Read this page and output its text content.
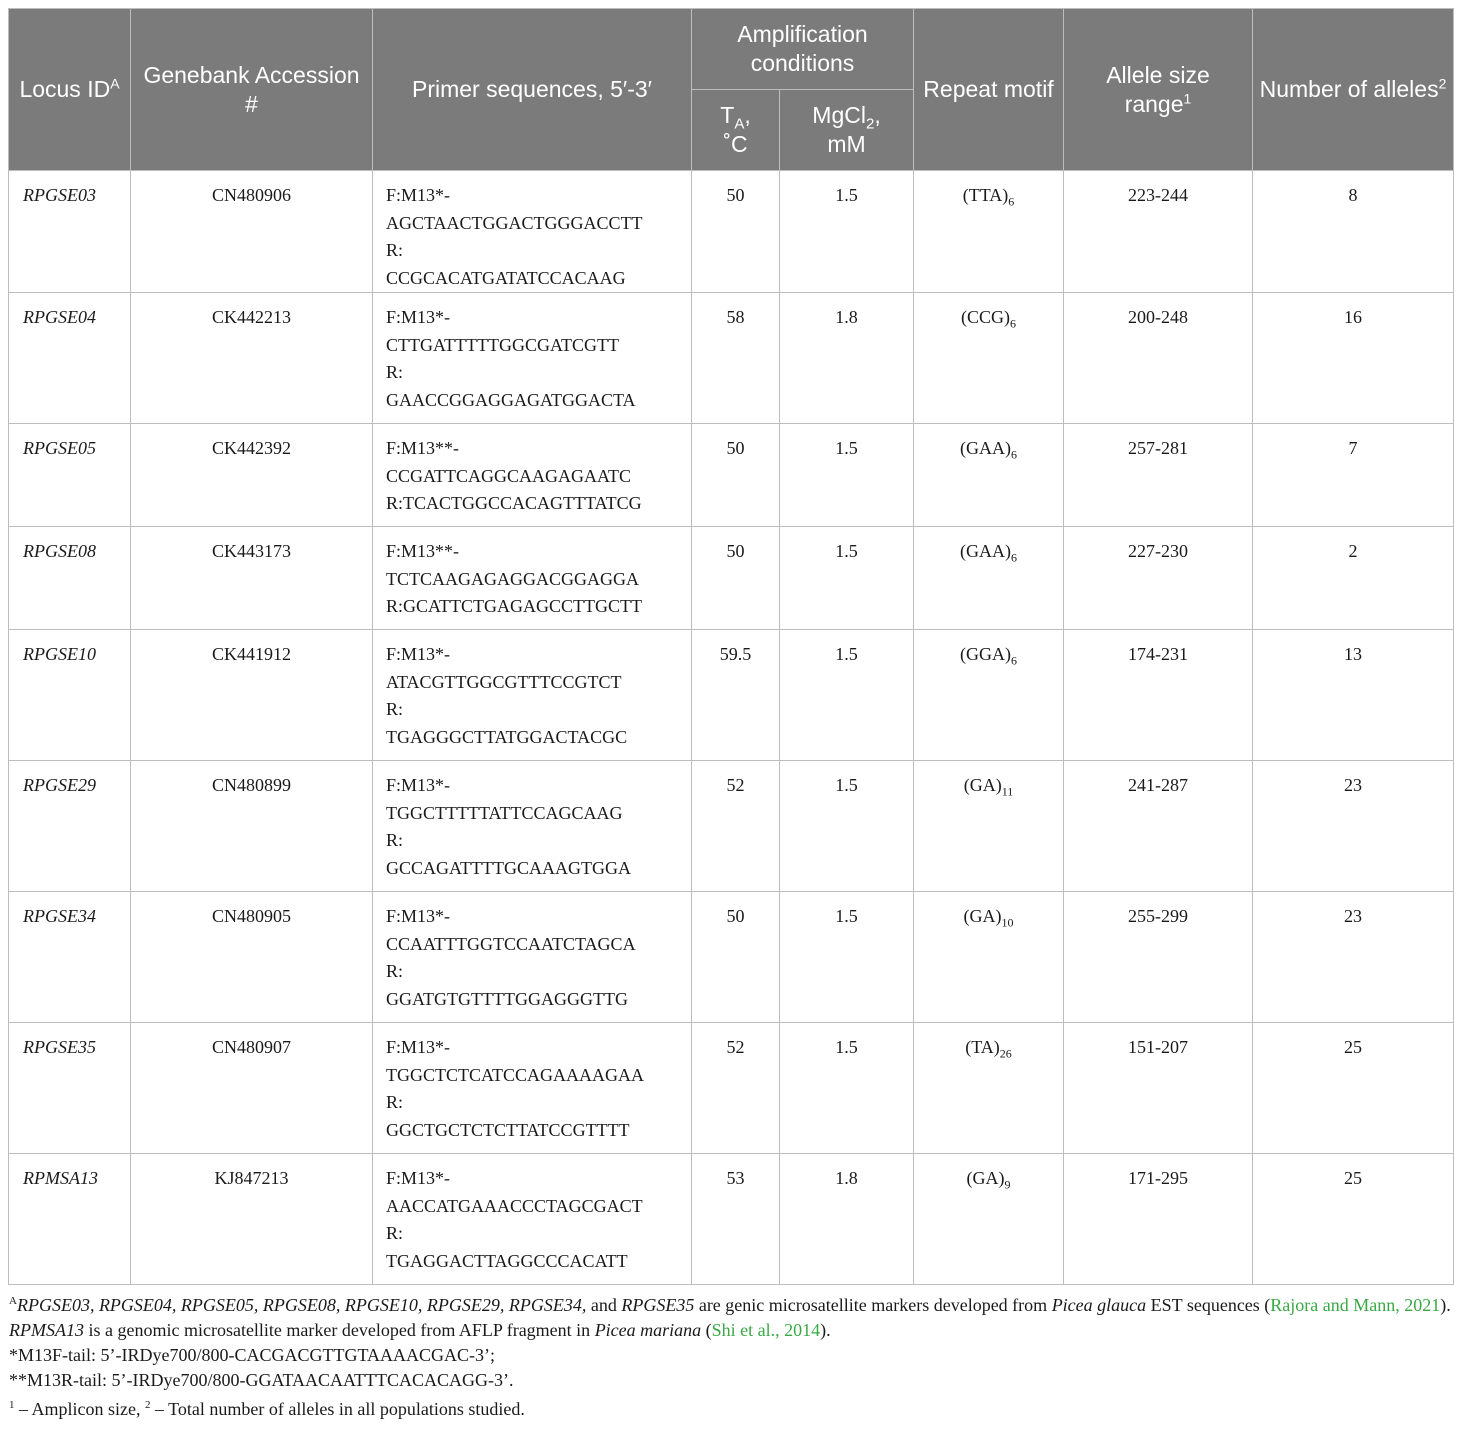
Locus $ID^A$	Genebank Accession #	Primer sequences, 5′-3′	Amplification conditions		Repeat motif	Allele size range$^1$	Number of alleles$^2$
			$T_A$,
˚C	MgCl$_2$,
mM			
RPGSE03	CN480906	F:M13*-
AGCTAACTGGACTGGGACCTT
R:
CCGCACATGATATCCACAAG	50	1.5	$(TTA)_6$	223-244	8
RPGSE04	CK442213	F:M13*-
CTTGATTTTTGGCGATCGTT
R:
GAACCGGAGGAGATGGACTA	58	1.8	$(CCG)_6$	200-248	16
RPGSE05	CK442392	F:M13**-
CCGATTCAGGCAAGAGAATC
R:TCACTGGCCACAGTTTATCG	50	1.5	$(GAA)_6$	257-281	7
RPGSE08	CK443173	F:M13**-
TCTCAAGAGAGGACGGAGGA
R:GCATTCTGAGAGCCTTGCTT	50	1.5	$(GAA)_6$	227-230	2
RPGSE10	CK441912	F:M13*-
ATACGTTGGCGTTTCCGTCT
R:
TGAGGGCTTATGGACTACGC	59.5	1.5	$(GGA)_6$	174-231	13
RPGSE29	CN480899	F:M13*-
TGGCTTTTTATTCCAGCAAG
R:
GCCAGATTTTGCAAAGTGGA	52	1.5	$(GA)_{11}$	241-287	23
RPGSE34	CN480905	F:M13*-
CCAATTTGGTCCAATCTAGCA
R:
GGATGTGTTTTGGAGGGTTG	50	1.5	$(GA)_{10}$	255-299	23
RPGSE35	CN480907	F:M13*-
TGGCTCTCATCCAGAAAAGAA
R:
GGCTGCTCTCTTATCCGTTTT	52	1.5	$(TA)_{26}$	151-207	25
RPMSA13	KJ847213	F:M13*-
AACCATGAAACCCTAGCGACT
R:
TGAGGACTTAGGCCCACATT	53	1.8	$(GA)_9$	171-295	25

$^A$RPGSE03, RPGSE04, RPGSE05, RPGSE08, RPGSE10, RPGSE29, RPGSE34, and RPGSE35 are genic microsatellite markers developed from Picea glauca EST sequences (Rajora and Mann, 2021).

RPMSA13 is a genomic microsatellite marker developed from AFLP fragment in Picea mariana (Shi et al., 2014).

*M13F-tail: 5’-IRDye700/800-CACGACGTTGTAAAACGAC-3’;

**M13R-tail: 5’-IRDye700/800-GGATAACAATTTCACACAGG-3’.

$^1$ – Amplicon size, $^2$ – Total number of alleles in all populations studied.
